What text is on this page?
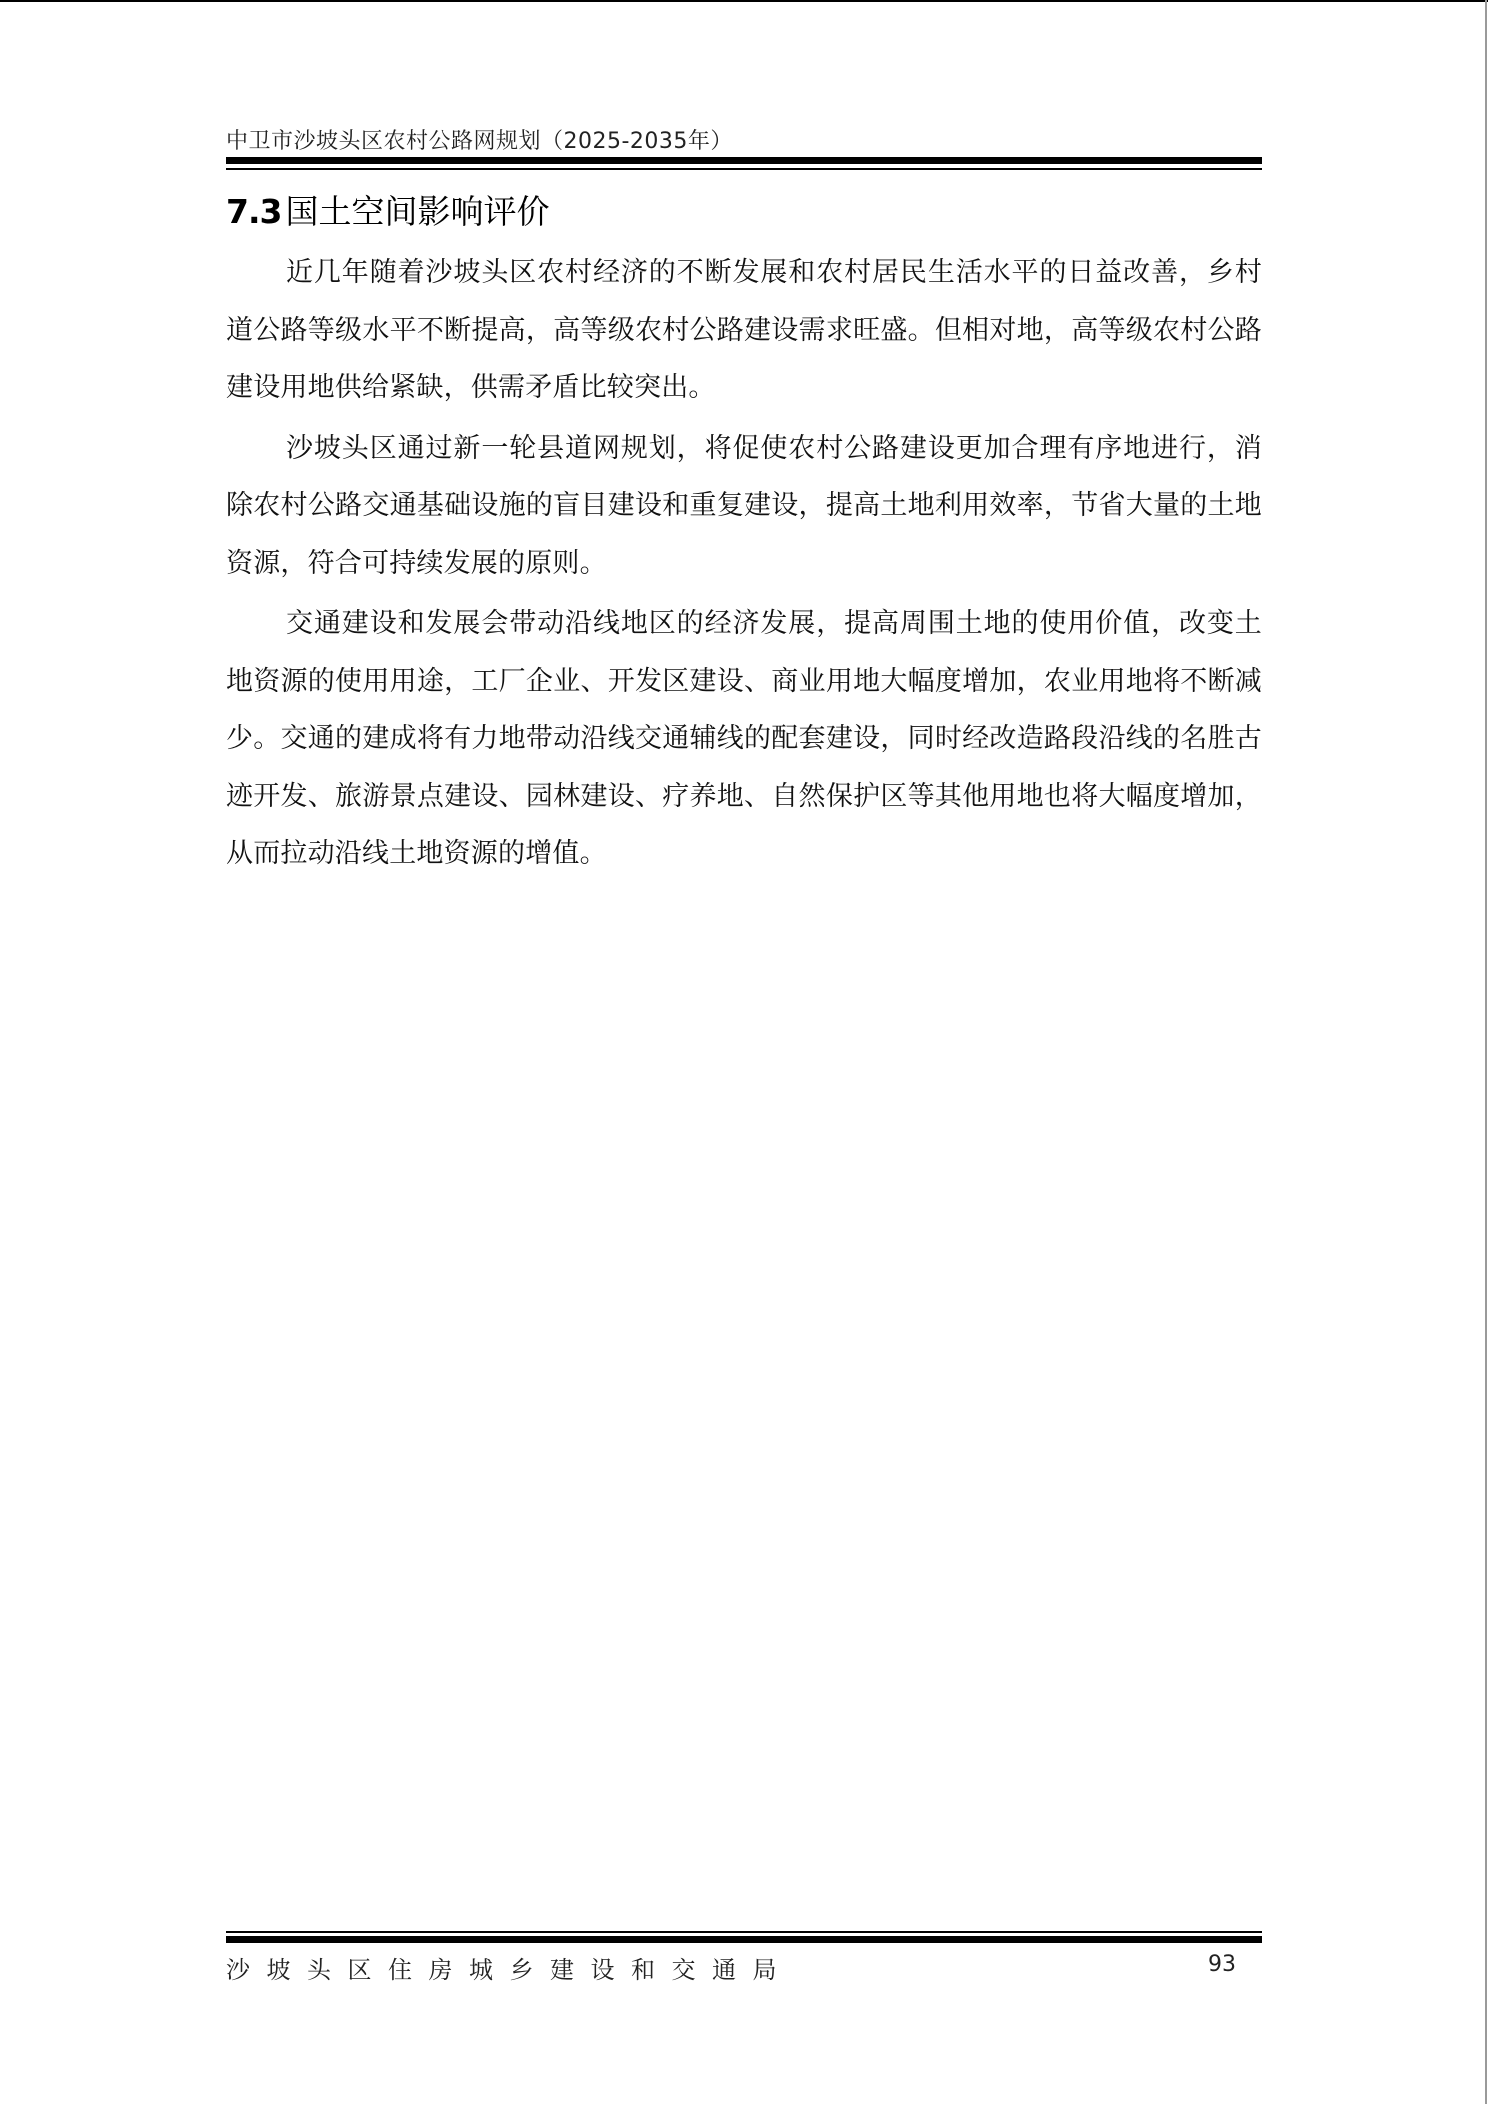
中卫市沙坡头区农村公路网规划（2025-2035年）
7.3 国土空间影响评价

近几年随着沙坡头区农村经济的不断发展和农村居民生活水平的日益改善，乡村道公路等级水平不断提高，高等级农村公路建设需求旺盛。但相对地，高等级农村公路建设用地供给紧缺，供需矛盾比较突出。

沙坡头区通过新一轮县道网规划，将促使农村公路建设更加合理有序地进行，消除农村公路交通基础设施的盲目建设和重复建设，提高土地利用效率，节省大量的土地资源，符合可持续发展的原则。

交通建设和发展会带动沿线地区的经济发展，提高周围土地的使用价值，改变土地资源的使用用途，工厂企业、开发区建设、商业用地大幅度增加，农业用地将不断减少。交通的建成将有力地带动沿线交通辅线的配套建设，同时经改造路段沿线的名胜古迹开发、旅游景点建设、园林建设、疗养地、自然保护区等其他用地也将大幅度增加，从而拉动沿线土地资源的增值。

沙坡头区住房城乡建设和交通局	93
